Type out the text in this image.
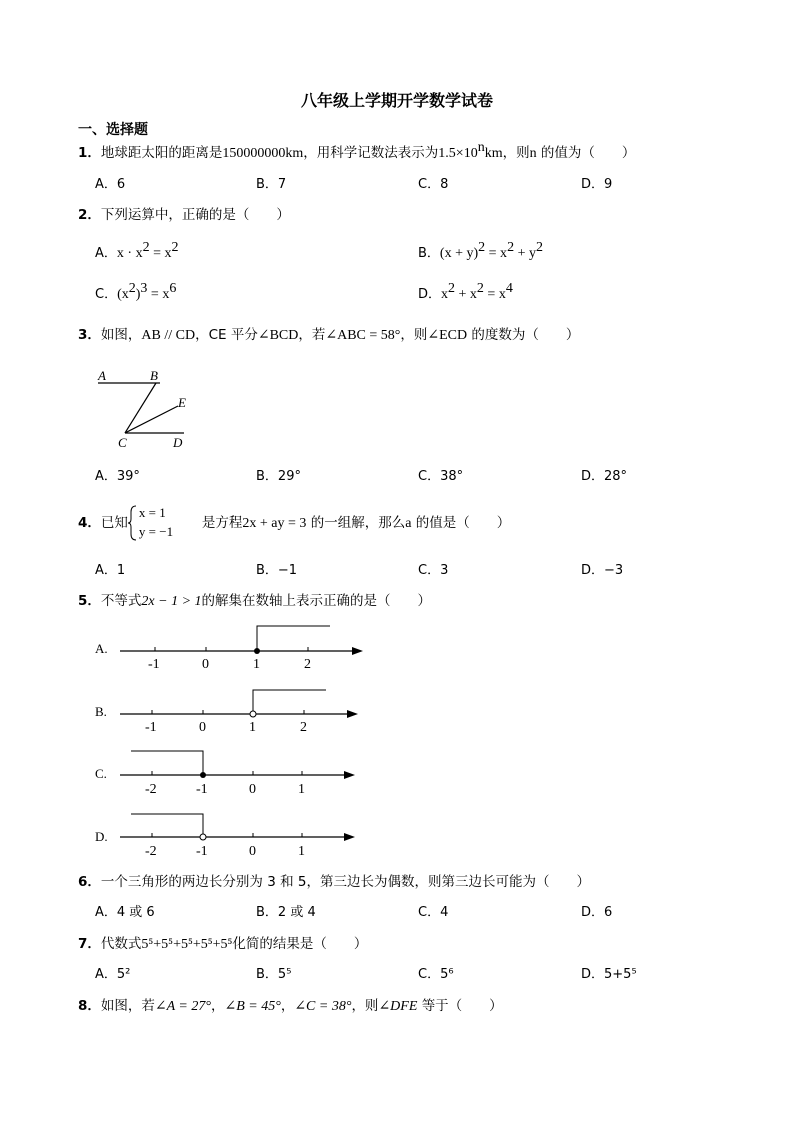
八年级上学期开学数学试卷
一、选择题
1．地球距太阳的距离是150000000km，用科学记数法表示为$1.5\times 10^nkm$，则n 的值为（　　）
A．6	B．7	C．8	D．9
2．下列运算中，正确的是（　　）
A．$x \cdot x^2 = x^2$	B．$(x + y)^2 = x^2 + y^2$
C．$(x^2)^3 = x^6$	D．$x^2 + x^2 = x^4$
3．如图，AB // CD，CE 平分∠BCD，若∠ABC = 58°，则∠ECD 的度数为（　　）
A	B
E
C	D
A．39°	B．29°	C．38°	D．28°
4．已知
x = 1
y = −1
是方程2x + ay = 3 的一组解，那么a 的值是（　　）
A．1	B．−1	C．3	D．−3
5．不等式2x − 1 > 1的解集在数轴上表示正确的是（　　）
A.
-1	0	1	2
B.
-1	0	1	2
C.
-2	-1	0	1
D.
-2	-1	0	1
6．一个三角形的两边长分别为 3 和 5，第三边长为偶数，则第三边长可能为（　　）
A．4 或 6	B．2 或 4	C．4	D．6
7．代数式5⁵+5⁵+5⁵+5⁵+5⁵化简的结果是（　　）
A．5²	B．5⁵	C．5⁶	D．5+5⁵
8．如图，若∠A = 27°，∠B = 45°，∠C = 38°，则∠DFE 等于（　　）
